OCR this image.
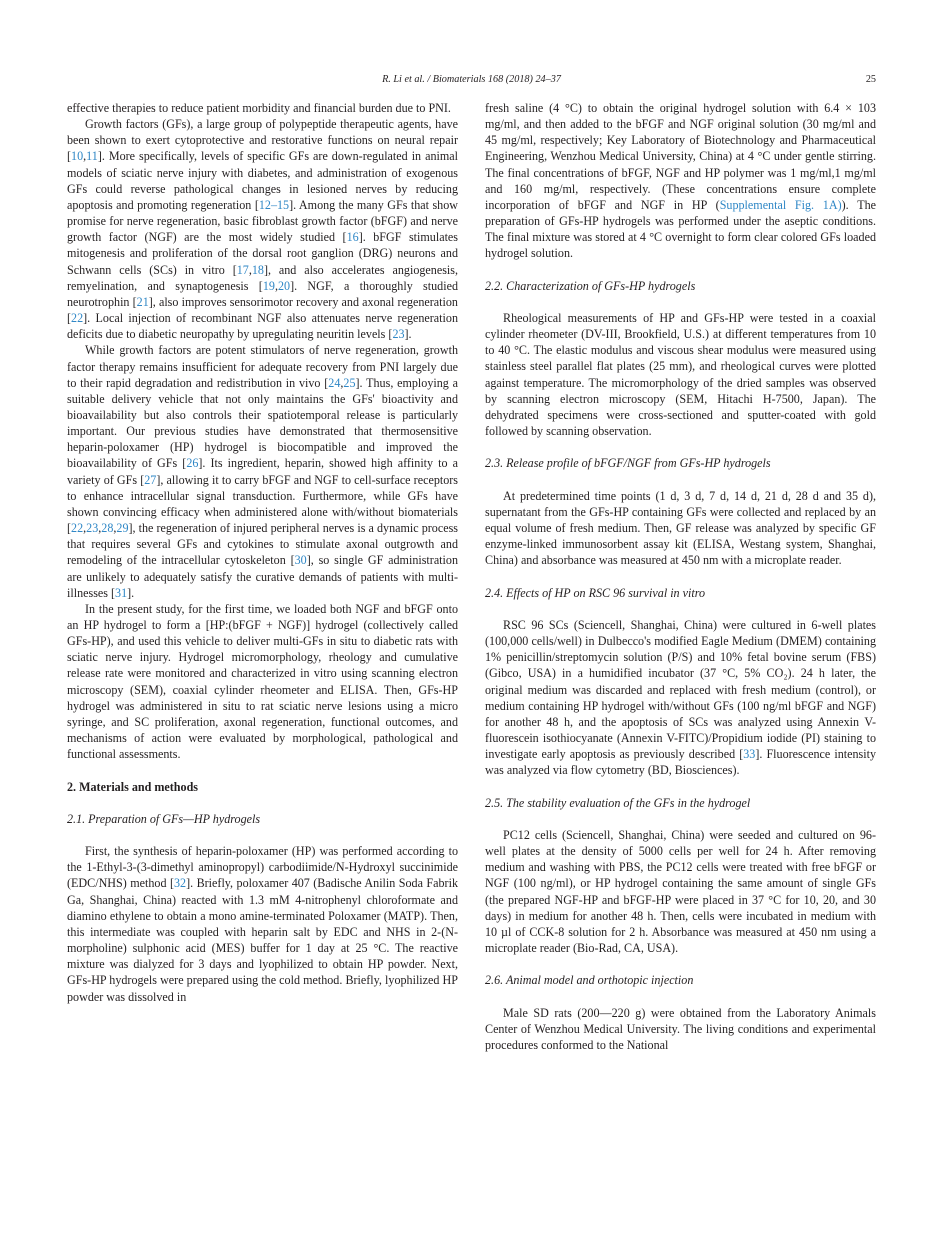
R. Li et al. / Biomaterials 168 (2018) 24–37	25

effective therapies to reduce patient morbidity and financial burden due to PNI.

Growth factors (GFs), a large group of polypeptide therapeutic agents, have been shown to exert cytoprotective and restorative functions on neural repair [10,11]. More specifically, levels of specific GFs are down-regulated in animal models of sciatic nerve injury with diabetes, and administration of exogenous GFs could reverse pathological changes in lesioned nerves by reducing apoptosis and promoting regeneration [12–15]. Among the many GFs that show promise for nerve regeneration, basic fibroblast growth factor (bFGF) and nerve growth factor (NGF) are the most widely studied [16]. bFGF stimulates mitogenesis and proliferation of the dorsal root ganglion (DRG) neurons and Schwann cells (SCs) in vitro [17,18], and also accelerates angiogenesis, remyelination, and synaptogenesis [19,20]. NGF, a thoroughly studied neurotrophin [21], also improves sensorimotor recovery and axonal regeneration [22]. Local injection of recombinant NGF also attenuates nerve regeneration deficits due to diabetic neuropathy by upregulating neuritin levels [23].

While growth factors are potent stimulators of nerve regeneration, growth factor therapy remains insufficient for adequate recovery from PNI largely due to their rapid degradation and redistribution in vivo [24,25]. Thus, employing a suitable delivery vehicle that not only maintains the GFs' bioactivity and bioavailability but also controls their spatiotemporal release is particularly important. Our previous studies have demonstrated that thermosensitive heparin-poloxamer (HP) hydrogel is biocompatible and improved the bioavailability of GFs [26]. Its ingredient, heparin, showed high affinity to a variety of GFs [27], allowing it to carry bFGF and NGF to cell-surface receptors to enhance intracellular signal transduction. Furthermore, while GFs have shown convincing efficacy when administered alone with/without biomaterials [22,23,28,29], the regeneration of injured peripheral nerves is a dynamic process that requires several GFs and cytokines to stimulate axonal outgrowth and remodeling of the intracellular cytoskeleton [30], so single GF administration are unlikely to adequately satisfy the curative demands of patients with multi-illnesses [31].

In the present study, for the first time, we loaded both NGF and bFGF onto an HP hydrogel to form a [HP:(bFGF + NGF)] hydrogel (collectively called GFs-HP), and used this vehicle to deliver multi-GFs in situ to diabetic rats with sciatic nerve injury. Hydrogel micromorphology, rheology and cumulative release rate were monitored and characterized in vitro using scanning electron microscopy (SEM), coaxial cylinder rheometer and ELISA. Then, GFs-HP hydrogel was administered in situ to rat sciatic nerve lesions using a micro syringe, and SC proliferation, axonal regeneration, functional outcomes, and mechanisms of action were evaluated by morphological, pathological and functional assessments.

2. Materials and methods
2.1. Preparation of GFs—HP hydrogels

First, the synthesis of heparin-poloxamer (HP) was performed according to the 1-Ethyl-3-(3-dimethyl aminopropyl) carbodiimide/N-Hydroxyl succinimide (EDC/NHS) method [32]. Briefly, poloxamer 407 (Badische Anilin Soda Fabrik Ga, Shanghai, China) reacted with 1.3 mM 4-nitrophenyl chloroformate and diamino ethylene to obtain a mono amine-terminated Poloxamer (MATP). Then, this intermediate was coupled with heparin salt by EDC and NHS in 2-(N- morpholine) sulphonic acid (MES) buffer for 1 day at 25 °C. The reactive mixture was dialyzed for 3 days and lyophilized to obtain HP powder. Next, GFs-HP hydrogels were prepared using the cold method. Briefly, lyophilized HP powder was dissolved in

fresh saline (4 °C) to obtain the original hydrogel solution with 6.4 × 103 mg/ml, and then added to the bFGF and NGF original solution (30 mg/ml and 45 mg/ml, respectively; Key Laboratory of Biotechnology and Pharmaceutical Engineering, Wenzhou Medical University, China) at 4 °C under gentle stirring. The final concentrations of bFGF, NGF and HP polymer was 1 mg/ml,1 mg/ml and 160 mg/ml, respectively. (These concentrations ensure complete incorporation of bFGF and NGF in HP (Supplemental Fig. 1A)). The preparation of GFs-HP hydrogels was performed under the aseptic conditions. The final mixture was stored at 4 °C overnight to form clear colored GFs loaded hydrogel solution.

2.2. Characterization of GFs-HP hydrogels

Rheological measurements of HP and GFs-HP were tested in a coaxial cylinder rheometer (DV-III, Brookfield, U.S.) at different temperatures from 10 to 40 °C. The elastic modulus and viscous shear modulus were measured using stainless steel parallel flat plates (25 mm), and rheological curves were plotted against temperature. The micromorphology of the dried samples was observed by scanning electron microscopy (SEM, Hitachi H-7500, Japan). The dehydrated specimens were cross-sectioned and sputter-coated with gold followed by scanning observation.

2.3. Release profile of bFGF/NGF from GFs-HP hydrogels

At predetermined time points (1 d, 3 d, 7 d, 14 d, 21 d, 28 d and 35 d), supernatant from the GFs-HP containing GFs were collected and replaced by an equal volume of fresh medium. Then, GF release was analyzed by specific GF enzyme-linked immunosorbent assay kit (ELISA, Westang system, Shanghai, China) and absorbance was measured at 450 nm with a microplate reader.

2.4. Effects of HP on RSC 96 survival in vitro

RSC 96 SCs (Sciencell, Shanghai, China) were cultured in 6-well plates (100,000 cells/well) in Dulbecco's modified Eagle Medium (DMEM) containing 1% penicillin/streptomycin solution (P/S) and 10% fetal bovine serum (FBS) (Gibco, USA) in a humidified incubator (37 °C, 5% CO₂). 24 h later, the original medium was discarded and replaced with fresh medium (control), or medium containing HP hydrogel with/without GFs (100 ng/ml bFGF and NGF) for another 48 h, and the apoptosis of SCs was analyzed using Annexin V-fluorescein isothiocyanate (Annexin V-FITC)/Propidium iodide (PI) staining to investigate early apoptosis as previously described [33]. Fluorescence intensity was analyzed via flow cytometry (BD, Biosciences).

2.5. The stability evaluation of the GFs in the hydrogel

PC12 cells (Sciencell, Shanghai, China) were seeded and cultured on 96-well plates at the density of 5000 cells per well for 24 h. After removing medium and washing with PBS, the PC12 cells were treated with free bFGF or NGF (100 ng/ml), or HP hydrogel containing the same amount of single GFs (the prepared NGF-HP and bFGF-HP were placed in 37 °C for 10, 20, and 30 days) in medium for another 48 h. Then, cells were incubated in medium with 10 µl of CCK-8 solution for 2 h. Absorbance was measured at 450 nm using a microplate reader (Bio-Rad, CA, USA).

2.6. Animal model and orthotopic injection

Male SD rats (200—220 g) were obtained from the Laboratory Animals Center of Wenzhou Medical University. The living conditions and experimental procedures conformed to the National
